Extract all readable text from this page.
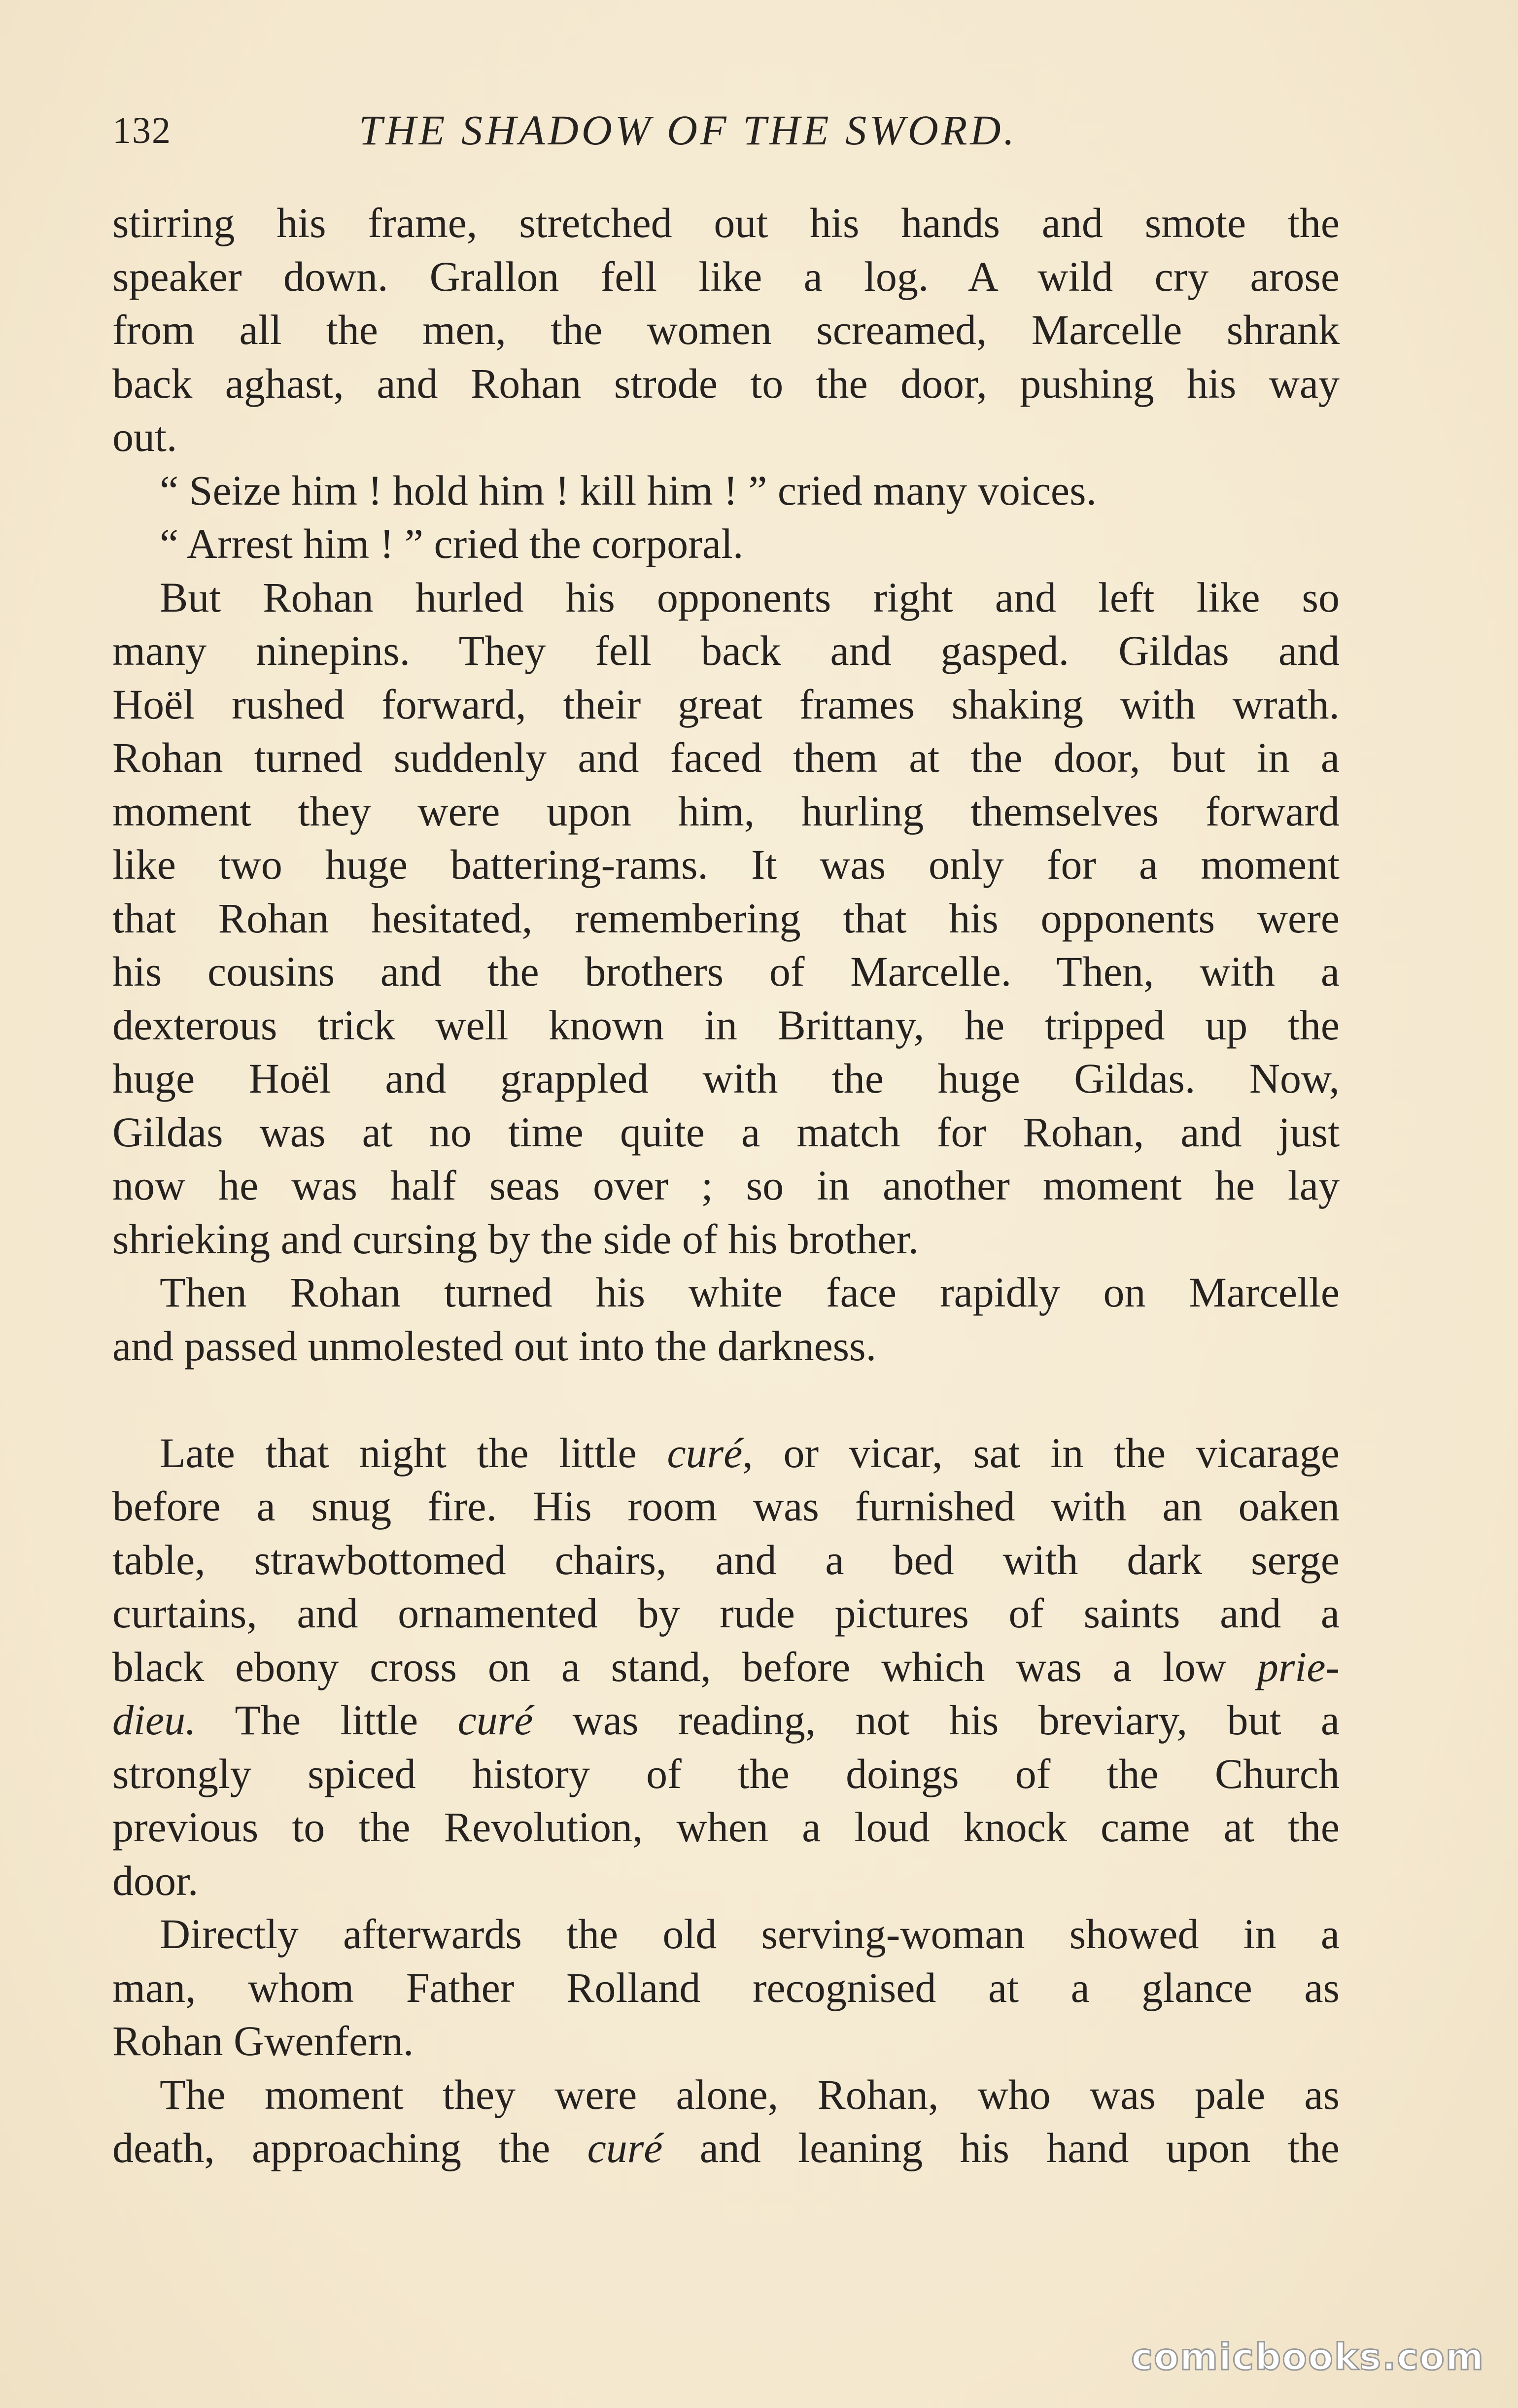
132	THE SHADOW OF THE SWORD.
stirring his frame, stretched out his hands and smote the
speaker down. Grallon fell like a log. A wild cry arose
from all the men, the women screamed, Marcelle shrank
back aghast, and Rohan strode to the door, pushing his way
out.
“ Seize him ! hold him ! kill him ! ” cried many voices.
“ Arrest him ! ” cried the corporal.
But Rohan hurled his opponents right and left like so
many ninepins. They fell back and gasped. Gildas and
Hoël rushed forward, their great frames shaking with wrath.
Rohan turned suddenly and faced them at the door, but in a
moment they were upon him, hurling themselves forward
like two huge battering-rams. It was only for a moment
that Rohan hesitated, remembering that his opponents were
his cousins and the brothers of Marcelle. Then, with a
dexterous trick well known in Brittany, he tripped up the
huge Hoël and grappled with the huge Gildas. Now,
Gildas was at no time quite a match for Rohan, and just
now he was half seas over ; so in another moment he lay
shrieking and cursing by the side of his brother.
Then Rohan turned his white face rapidly on Marcelle
and passed unmolested out into the darkness.
Late that night the little curé, or vicar, sat in the vicarage
before a snug fire. His room was furnished with an oaken
table, strawbottomed chairs, and a bed with dark serge
curtains, and ornamented by rude pictures of saints and a
black ebony cross on a stand, before which was a low prie-
dieu. The little curé was reading, not his breviary, but a
strongly spiced history of the doings of the Church
previous to the Revolution, when a loud knock came at the
door.
Directly afterwards the old serving-woman showed in a
man, whom Father Rolland recognised at a glance as
Rohan Gwenfern.
The moment they were alone, Rohan, who was pale as
death, approaching the curé and leaning his hand upon the
comicbooks.com
